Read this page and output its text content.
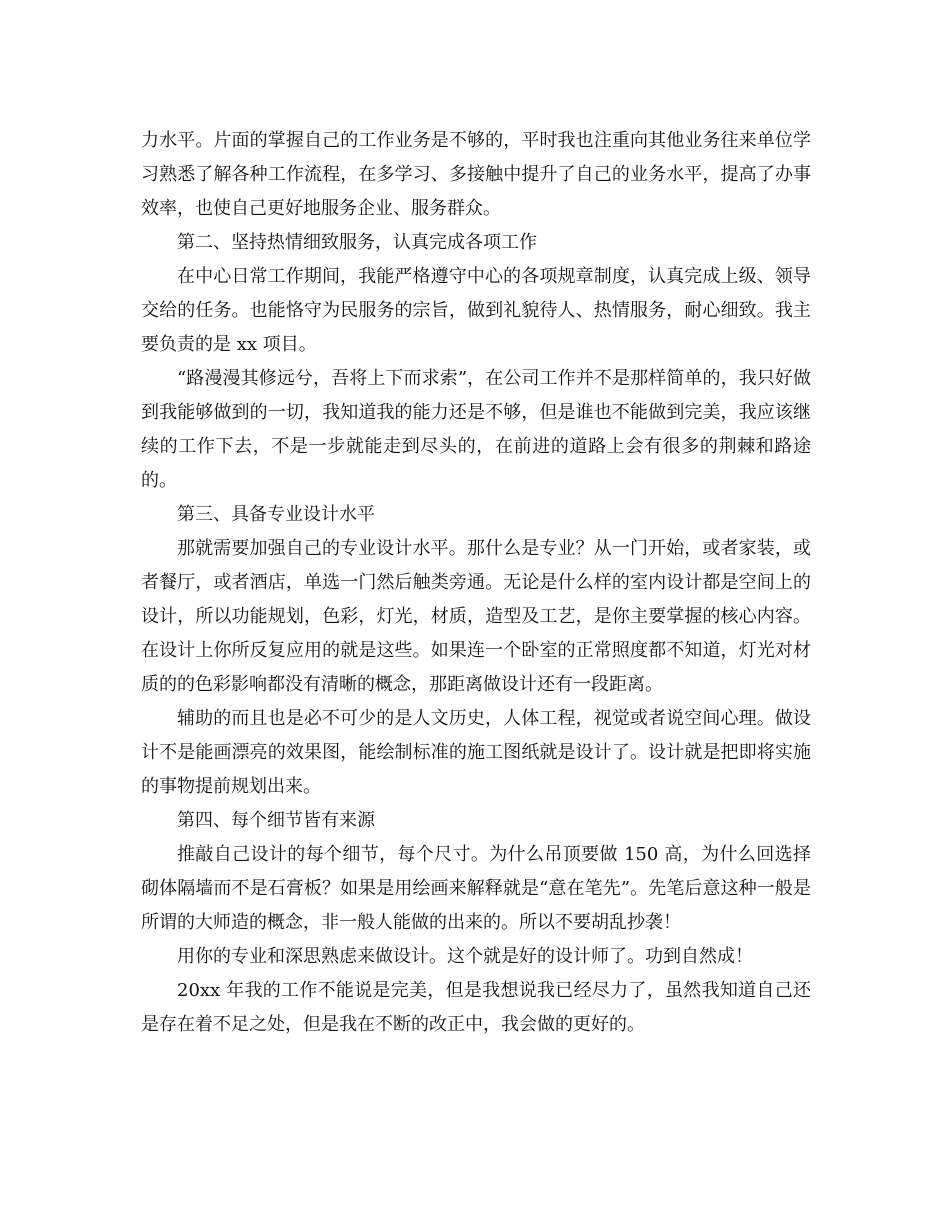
力水平。片面的掌握自己的工作业务是不够的，平时我也注重向其他业务往来单位学习熟悉了解各种工作流程，在多学习、多接触中提升了自己的业务水平，提高了办事效率，也使自己更好地服务企业、服务群众。

第二、坚持热情细致服务，认真完成各项工作

在中心日常工作期间，我能严格遵守中心的各项规章制度，认真完成上级、领导交给的任务。也能恪守为民服务的宗旨，做到礼貌待人、热情服务，耐心细致。我主要负责的是 xx 项目。

“路漫漫其修远兮，吾将上下而求索”，在公司工作并不是那样简单的，我只好做到我能够做到的一切，我知道我的能力还是不够，但是谁也不能做到完美，我应该继续的工作下去，不是一步就能走到尽头的，在前进的道路上会有很多的荆棘和路途的。

第三、具备专业设计水平

那就需要加强自己的专业设计水平。那什么是专业？从一门开始，或者家装，或者餐厅，或者酒店，单选一门然后触类旁通。无论是什么样的室内设计都是空间上的设计，所以功能规划，色彩，灯光，材质，造型及工艺，是你主要掌握的核心内容。在设计上你所反复应用的就是这些。如果连一个卧室的正常照度都不知道，灯光对材质的的色彩影响都没有清晰的概念，那距离做设计还有一段距离。

辅助的而且也是必不可少的是人文历史，人体工程，视觉或者说空间心理。做设计不是能画漂亮的效果图，能绘制标准的施工图纸就是设计了。设计就是把即将实施的事物提前规划出来。

第四、每个细节皆有来源

推敲自己设计的每个细节，每个尺寸。为什么吊顶要做 150 高，为什么回选择砌体隔墙而不是石膏板？如果是用绘画来解释就是“意在笔先”。先笔后意这种一般是所谓的大师造的概念，非一般人能做的出来的。所以不要胡乱抄袭！

用你的专业和深思熟虑来做设计。这个就是好的设计师了。功到自然成！

20xx 年我的工作不能说是完美，但是我想说我已经尽力了，虽然我知道自己还是存在着不足之处，但是我在不断的改正中，我会做的更好的。
